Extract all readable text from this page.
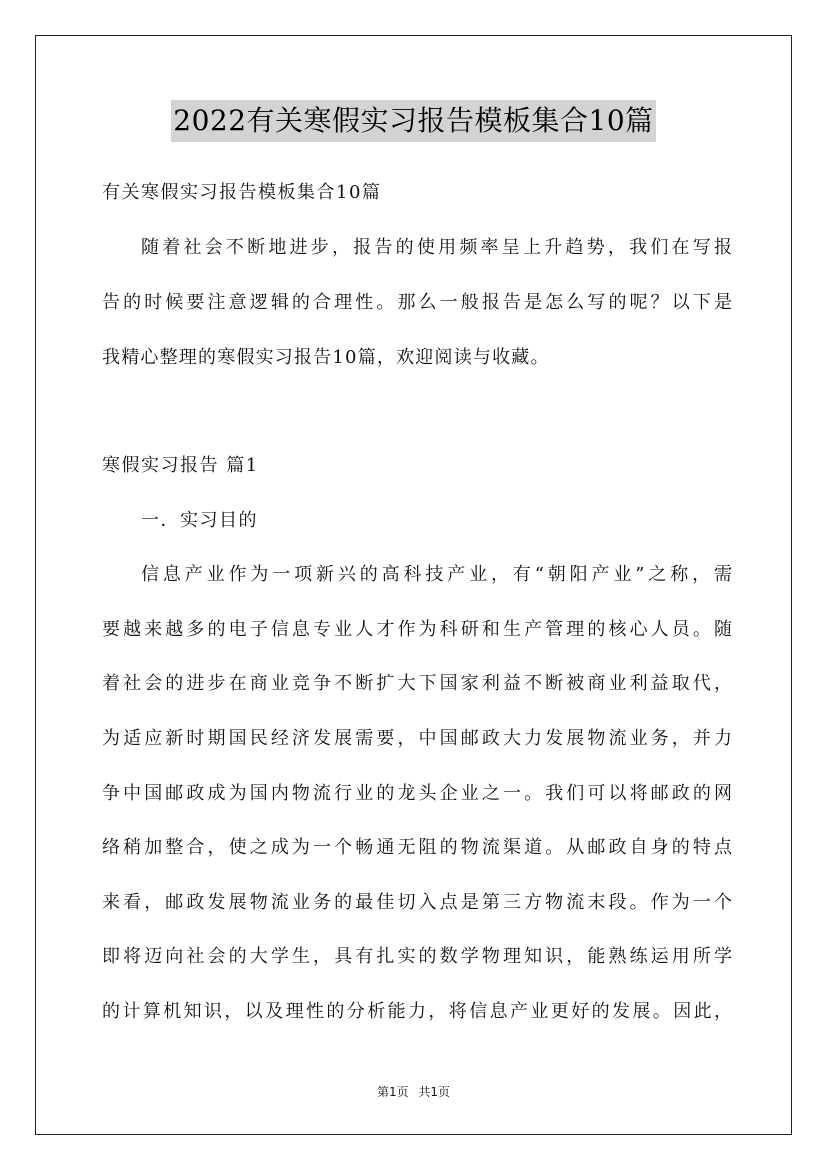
2022有关寒假实习报告模板集合10篇
有关寒假实习报告模板集合10篇
随着社会不断地进步，报告的使用频率呈上升趋势，我们在写报
告的时候要注意逻辑的合理性。那么一般报告是怎么写的呢？以下是
我精心整理的寒假实习报告10篇，欢迎阅读与收藏。
寒假实习报告 篇1
一．实习目的
信息产业作为一项新兴的高科技产业，有“朝阳产业”之称，需
要越来越多的电子信息专业人才作为科研和生产管理的核心人员。随
着社会的进步在商业竞争不断扩大下国家利益不断被商业利益取代，
为适应新时期国民经济发展需要，中国邮政大力发展物流业务，并力
争中国邮政成为国内物流行业的龙头企业之一。我们可以将邮政的网
络稍加整合，使之成为一个畅通无阻的物流渠道。从邮政自身的特点
来看，邮政发展物流业务的最佳切入点是第三方物流末段。作为一个
即将迈向社会的大学生，具有扎实的数学物理知识，能熟练运用所学
的计算机知识，以及理性的分析能力，将信息产业更好的发展。因此，
第1页 共1页
